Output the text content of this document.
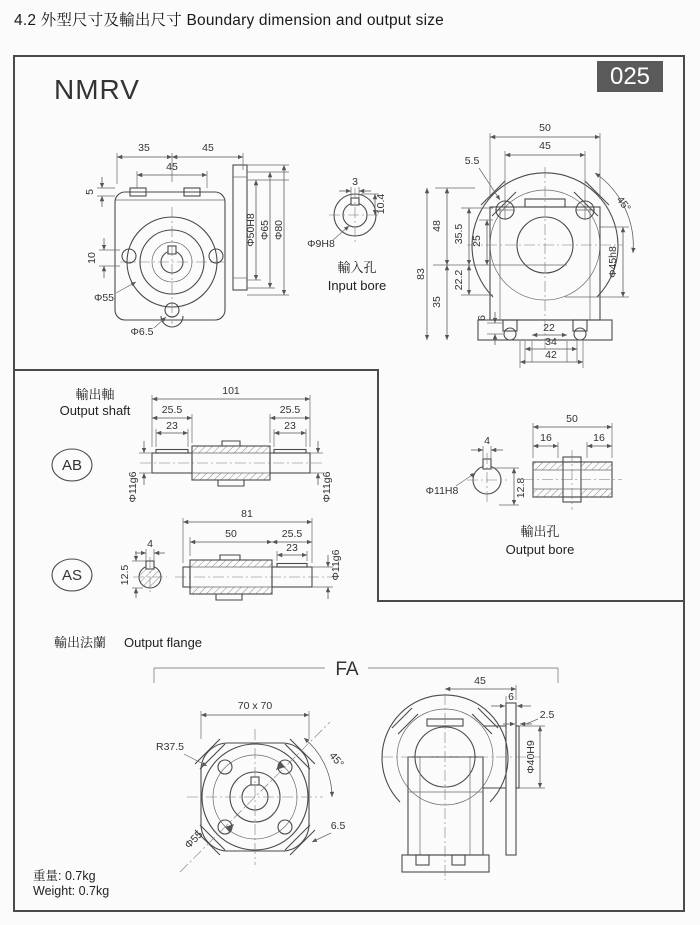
4.2 外型尺寸及輸出尺寸 Boundary dimension and output size
NMRV	025
35	45
45
5
10
Φ55
Φ6.5
Φ50H8 Φ65 Φ80
3
10.4
Φ9H8
輸入孔
Input bore
50
45
5.5
45°
48 35.5 25
83
35
22.2
6
22
34
42
Φ45h8
輸出軸
Output shaft
AB
101
25.5	25.5
23	23
Φ11g6	Φ11g6
AS
4
12.5
81
50	25.5
23
Φ11g6
4
Φ11H8	12.8
50
16	16
輸出孔
Output bore
輸出法蘭 Output flange
FA
Φ55
70 x 70
R37.5
45°
6.5
45
6
2.5
Φ40H9
重量: 0.7kg
Weight: 0.7kg
